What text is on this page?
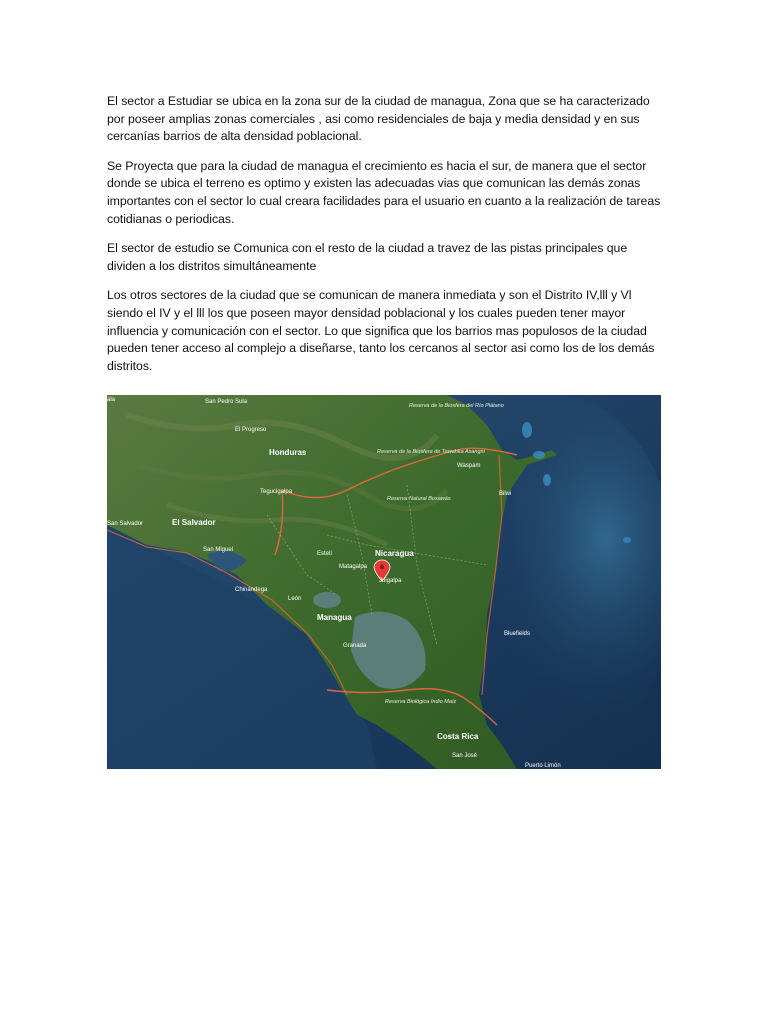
El sector a Estudiar se ubica en la zona sur de la ciudad de managua, Zona que se ha caracterizado por poseer amplias zonas comerciales , asi como residenciales de baja y media densidad y en sus cercanías barrios de alta densidad poblacional.

Se Proyecta que para la ciudad de managua el crecimiento es hacia el sur, de manera que el sector donde se ubica el terreno es optimo y existen las adecuadas vias que comunican las demás zonas importantes con el sector lo cual creara facilidades para el usuario en cuanto a la realización de tareas cotidianas o periodicas.

El sector de estudio se Comunica con el resto de la ciudad a travez de las pistas principales que dividen a los distritos simultáneamente

Los otros sectores de la ciudad que se comunican de manera inmediata y son el Distrito IV,lll y Vl siendo el IV y el lll los que poseen mayor densidad poblacional y los cuales pueden tener mayor influencia y comunicación con el sector. Lo que significa que los barrios mas populosos de la ciudad pueden tener acceso al complejo a diseñarse, tanto los cercanos al sector asi como los de los demás distritos.

ala	San Pedro Sula
El Progreso
Honduras
Tegucigalpa
El Salvador
San Salvador
San Miguel	Nicaragua
Estelí
Matagalpa
Chinandega
León
Managua
Granada
Juigalpa
Costa Rica
San José
Bilwi
Waspam
Bluefields
Puerto Limón
Reserva de la Biosfera del Río Plátano
Reserva de la Biosfera de Tawahka Asangni
Reserva Natural Bosawás
Reserva Biológica Indio Maíz
